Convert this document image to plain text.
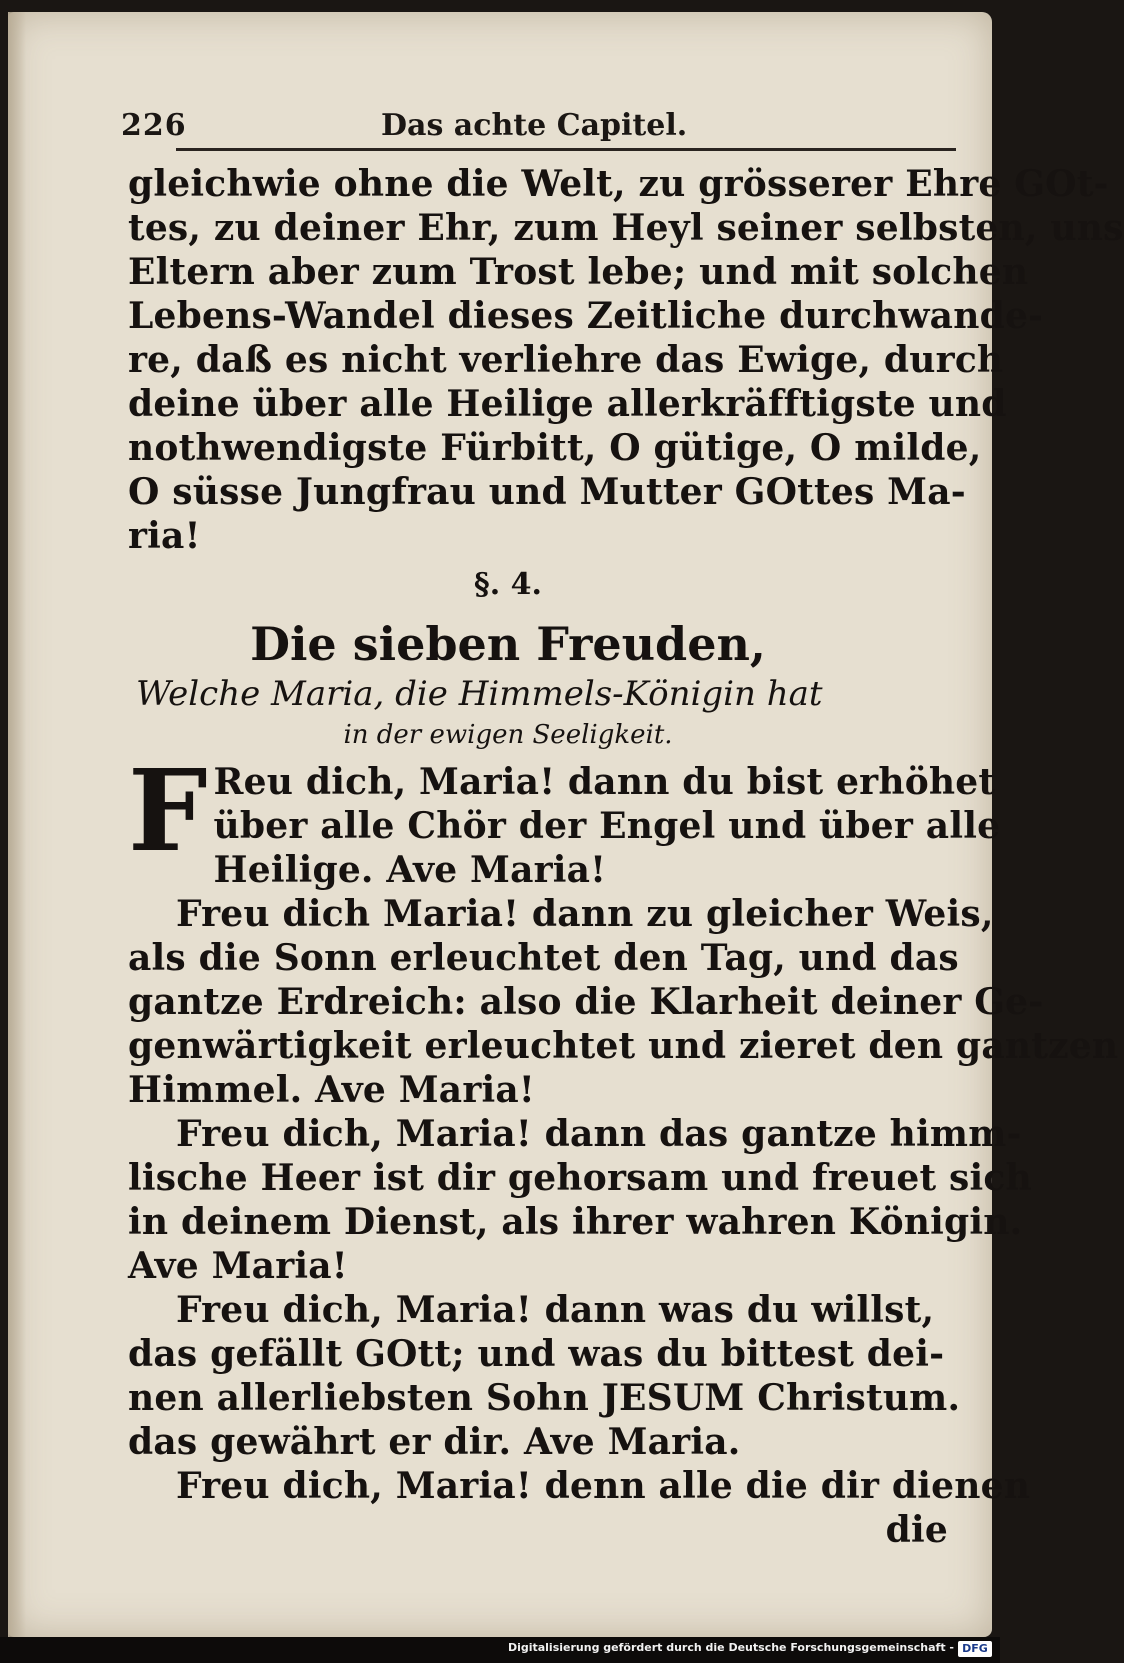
226	Das achte Capitel.
gleichwie ohne die Welt, zu grösserer Ehre GOt-
tes, zu deiner Ehr, zum Heyl seiner selbsten, uns
Eltern aber zum Trost lebe; und mit solchen
Lebens-Wandel dieses Zeitliche durchwande-
re, daß es nicht verliehre das Ewige, durch
deine über alle Heilige allerkräfftigste und
nothwendigste Fürbitt, O gütige, O milde,
O süsse Jungfrau und Mutter GOttes Ma-
ria!
§. 4.
Die sieben Freuden,
Welche Maria, die Himmels-Königin hat
in der ewigen Seeligkeit.
F Reu dich, Maria! dann du bist erhöhet
über alle Chör der Engel und über alle
Heilige. Ave Maria!
Freu dich Maria! dann zu gleicher Weis,
als die Sonn erleuchtet den Tag, und das
gantze Erdreich: also die Klarheit deiner Ge-
genwärtigkeit erleuchtet und zieret den gantzen
Himmel. Ave Maria!
Freu dich, Maria! dann das gantze himm-
lische Heer ist dir gehorsam und freuet sich
in deinem Dienst, als ihrer wahren Königin.
Ave Maria!
Freu dich, Maria! dann was du willst,
das gefällt GOtt; und was du bittest dei-
nen allerliebsten Sohn JESUM Christum.
das gewährt er dir. Ave Maria.
Freu dich, Maria! denn alle die dir dienen
die
Digitalisierung gefördert durch die Deutsche Forschungsgemeinschaft - DFG
